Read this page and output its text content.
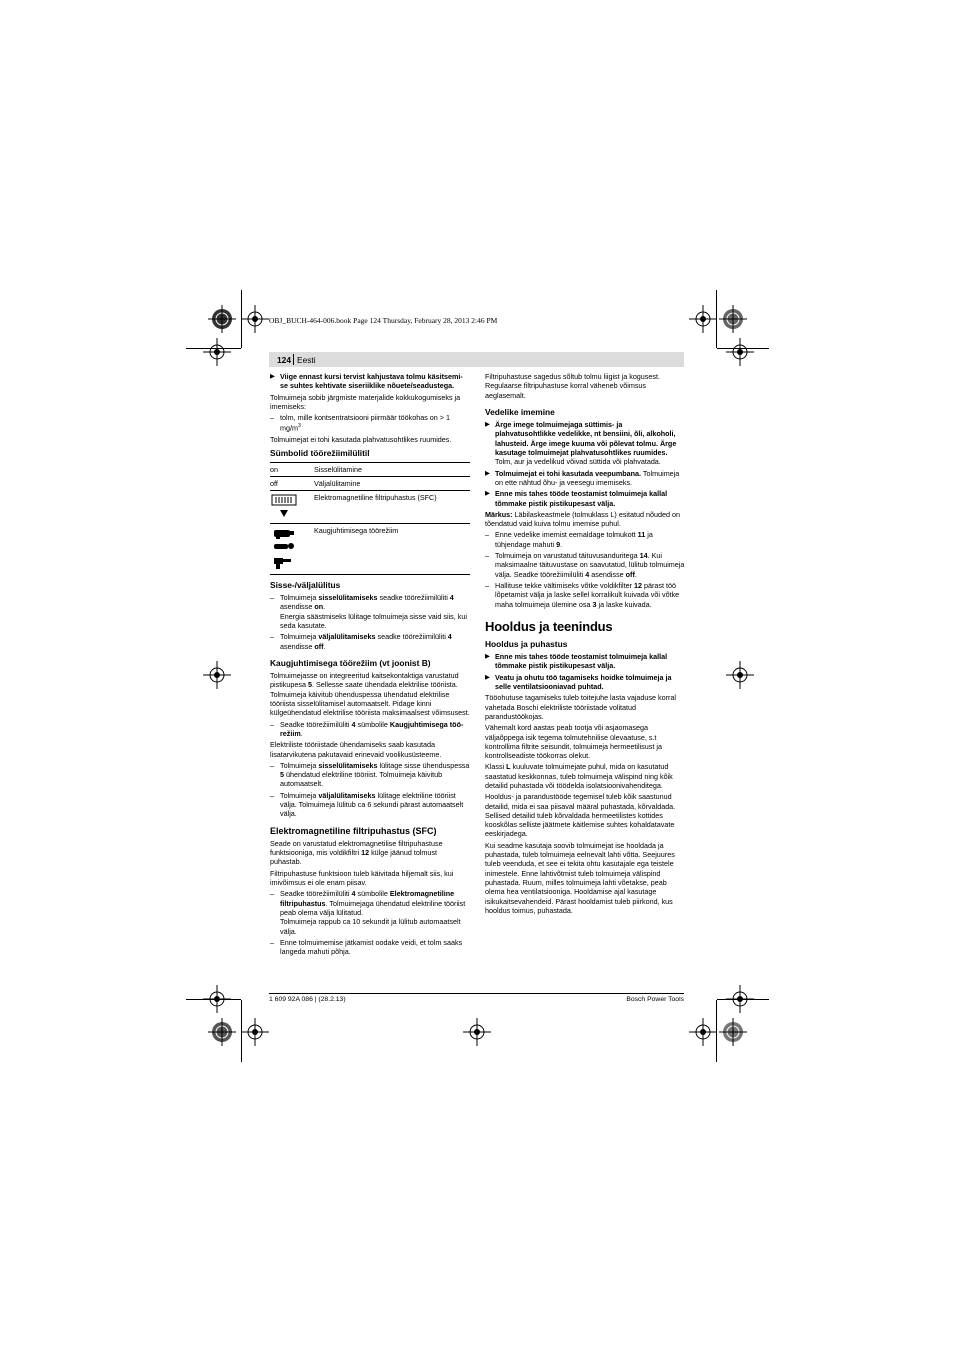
OBJ_BUCH-464-006.book Page 124 Thursday, February 28, 2013 2:46 PM
124 Eesti
▶ Viige ennast kursi tervist kahjustava tolmu käsitsemi-se suhtes kehtivate siseriiklike nõuete/seadustega.

Tolmuimeja sobib järgmiste materjalide kokkukogumiseks ja imemiseks:

– tolm, mille kontsentratsiooni piirmäär töökohas on > 1 $mg/m^3$

Tolmuimejat ei tohi kasutada plahvatusohtlikes ruumides.

Sümbolid töörežiimilülitil
on	Sisselülitamine
off	Väljalülitamine
	Elektromagnetiline filtripuhastus (SFC)
	Kaugjuhtimisega töörežiim
Sisse-/väljalülitus
– Tolmuimeja sisselülitamiseks seadke töörežiimilüliti 4 asendisse on.
Energia säästmiseks lülitage tolmuimeja sisse vaid siis, kui seda kasutate.
– Tolmuimeja väljalülitamiseks seadke töörežiimilüliti 4 asendisse off.
Kaugjuhtimisega töörežiim (vt joonist B)

Tolmuimejasse on integreeritud kaitsekontaktiga varustatud pistikupesa 5. Sellesse saate ühendada elektrilise tööriista. Tolmuimeja käivitub ühenduspessa ühendatud elektrilise tööriista sisselülitamisel automaatselt. Pidage kinni külgeühendatud elektrilise tööriista maksimaalsest võimsusest.

– Seadke töörežiimilüliti 4 sümbolile Kaugjuhtimisega töö-režiim.

Elektriliste tööriistade ühendamiseks saab kasutada lisatarvikutena pakutavaid erinevaid voolikusüsteeme.

– Tolmuimeja sisselülitamiseks lülitage sisse ühenduspessa 5 ühendatud elektriline tööriist. Tolmuimeja käivitub automaatselt.
– Tolmuimeja väljalülitamiseks lülitage elektriline tööriist välja. Tolmuimeja lülitub ca 6 sekundi pärast automaatselt välja.
Elektromagnetiline filtripuhastus (SFC)

Seade on varustatud elektromagnetilise filtripuhastuse funktsiooniga, mis voldikfiltri 12 külge jäänud tolmust puhastab.

Filtripuhastuse funktsioon tuleb käivitada hiljemalt siis, kui imivõimsus ei ole enam piisav.

– Seadke töörežiimilüliti 4 sümbolile Elektromagnetiline filtripuhastus. Tolmuimejaga ühendatud elektriline tööriist peab olema välja lülitatud.
Tolmuimeja rappub ca 10 sekundit ja lülitub automaatselt välja.
– Enne tolmuimemise jätkamist oodake veidi, et tolm saaks langeda mahuti põhja.

Filtripuhastuse sagedus sõltub tolmu liigist ja kogusest. Regulaarse filtripuhastuse korral väheneb võimsus aeglasemalt.

Vedelike imemine
▶ Ärge imege tolmuimejaga süttimis- ja plahvatusohtlikke vedelikke, nt bensiini, õli, alkoholi, lahusteid. Ärge imege kuuma või põlevat tolmu. Ärge kasutage tolmuimejat plahvatusohtlikes ruumides. Tolm, aur ja vedelikud võivad süttida või plahvatada.
▶ Tolmuimejat ei tohi kasutada veepumbana. Tolmuimeja on ette nähtud õhu- ja veesegu imemiseks.
▶ Enne mis tahes tööde teostamist tolmuimeja kallal tõmmake pistik pistikupesast välja.

Märkus: Läbilaskeastmele (tolmuklass L) esitatud nõuded on tõendatud vaid kuiva tolmu imemise puhul.

– Enne vedelike imemist eemaldage tolmukott 11 ja tühjendage mahuti 9.
– Tolmuimeja on varustatud täituvusanduritega 14. Kui maksimaalne täituvustase on saavutatud, lülitub tolmuimeja välja. Seadke töörežiimilüliti 4 asendisse off.
– Hallituse tekke vältimiseks võtke voldikfilter 12 pärast töö lõpetamist välja ja laske sellel korralikult kuivada või võtke maha tolmuimeja ülemine osa 3 ja laske kuivada.
Hooldus ja teenindus
Hooldus ja puhastus
▶ Enne mis tahes tööde teostamist tolmuimeja kallal tõmmake pistik pistikupesast välja.
▶ Veatu ja ohutu töö tagamiseks hoidke tolmuimeja ja selle ventilatsiooniavad puhtad.

Tööohutuse tagamiseks tuleb toitejuhe lasta vajaduse korral vahetada Boschi elektriliste tööriistade volitatud parandustöökojas.

Vähemalt kord aastas peab tootja või asjaomasega väljaõppega isik tegema tolmutehnilise ülevaatuse, s.t kontrollima filtrite seisundit, tolmuimeja hermeetilisust ja kontrollseadiste töökorras olekut.

Klassi L kuuluvate tolmuimejate puhul, mida on kasutatud saastatud keskkonnas, tuleb tolmuimeja välispind ning kõik detailid puhastada või töödelda isolatsioonivahenditega.

Hooldus- ja parandustööde tegemisel tuleb kõik saastunud detailid, mida ei saa piisaval määral puhastada, kõrvaldada. Sellised detailid tuleb kõrvaldada hermeetilistes kottides kooskõlas selliste jäätmete käitlemise suhtes kohaldatavate eeskirjadega.

Kui seadme kasutaja soovib tolmuimejat ise hooldada ja puhastada, tuleb tolmuimeja eelnevalt lahti võtta. Seejuures tuleb veenduda, et see ei tekita ohtu kasutajale ega teistele inimestele. Enne lahtivõtmist tuleb tolmuimeja välispind puhastada. Ruum, milles tolmuimeja lahti võetakse, peab olema hea ventilatsiooniga. Hooldamise ajal kasutage isikukaitsevahendeid. Pärast hooldamist tuleb piirkond, kus hooldus toimus, puhastada.

1 609 92A 086 | (28.2.13)	Bosch Power Tools
